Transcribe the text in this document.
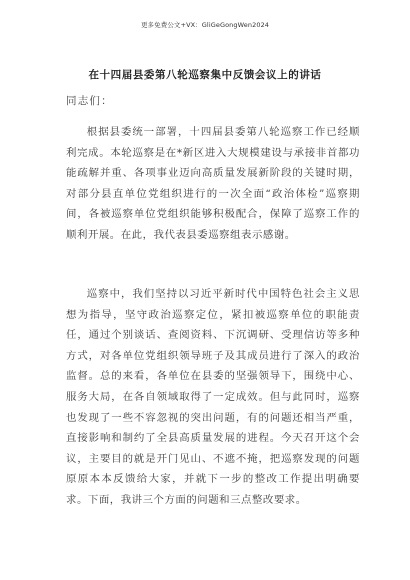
更多免费公文+VX：GliGeGongWen2024
在十四届县委第八轮巡察集中反馈会议上的讲话
同志们：

根据县委统一部署，十四届县委第八轮巡察工作已经顺利完成。本轮巡察是在*新区进入大规模建设与承接非首都功能疏解并重、各项事业迈向高质量发展新阶段的关键时期，对部分县直单位党组织进行的一次全面“政治体检”巡察期间，各被巡察单位党组织能够积极配合，保障了巡察工作的顺利开展。在此，我代表县委巡察组表示感谢。

巡察中，我们坚持以习近平新时代中国特色社会主义思想为指导，坚守政治巡察定位，紧扣被巡察单位的职能责任，通过个别谈话、查阅资料、下沉调研、受理信访等多种方式，对各单位党组织领导班子及其成员进行了深入的政治监督。总的来看，各单位在县委的坚强领导下，围绕中心、服务大局，在各自领域取得了一定成效。但与此同时，巡察也发现了一些不容忽视的突出问题，有的问题还相当严重，直接影响和制约了全县高质量发展的进程。今天召开这个会议，主要目的就是开门见山、不遮不掩，把巡察发现的问题原原本本反馈给大家，并就下一步的整改工作提出明确要求。下面，我讲三个方面的问题和三点整改要求。
